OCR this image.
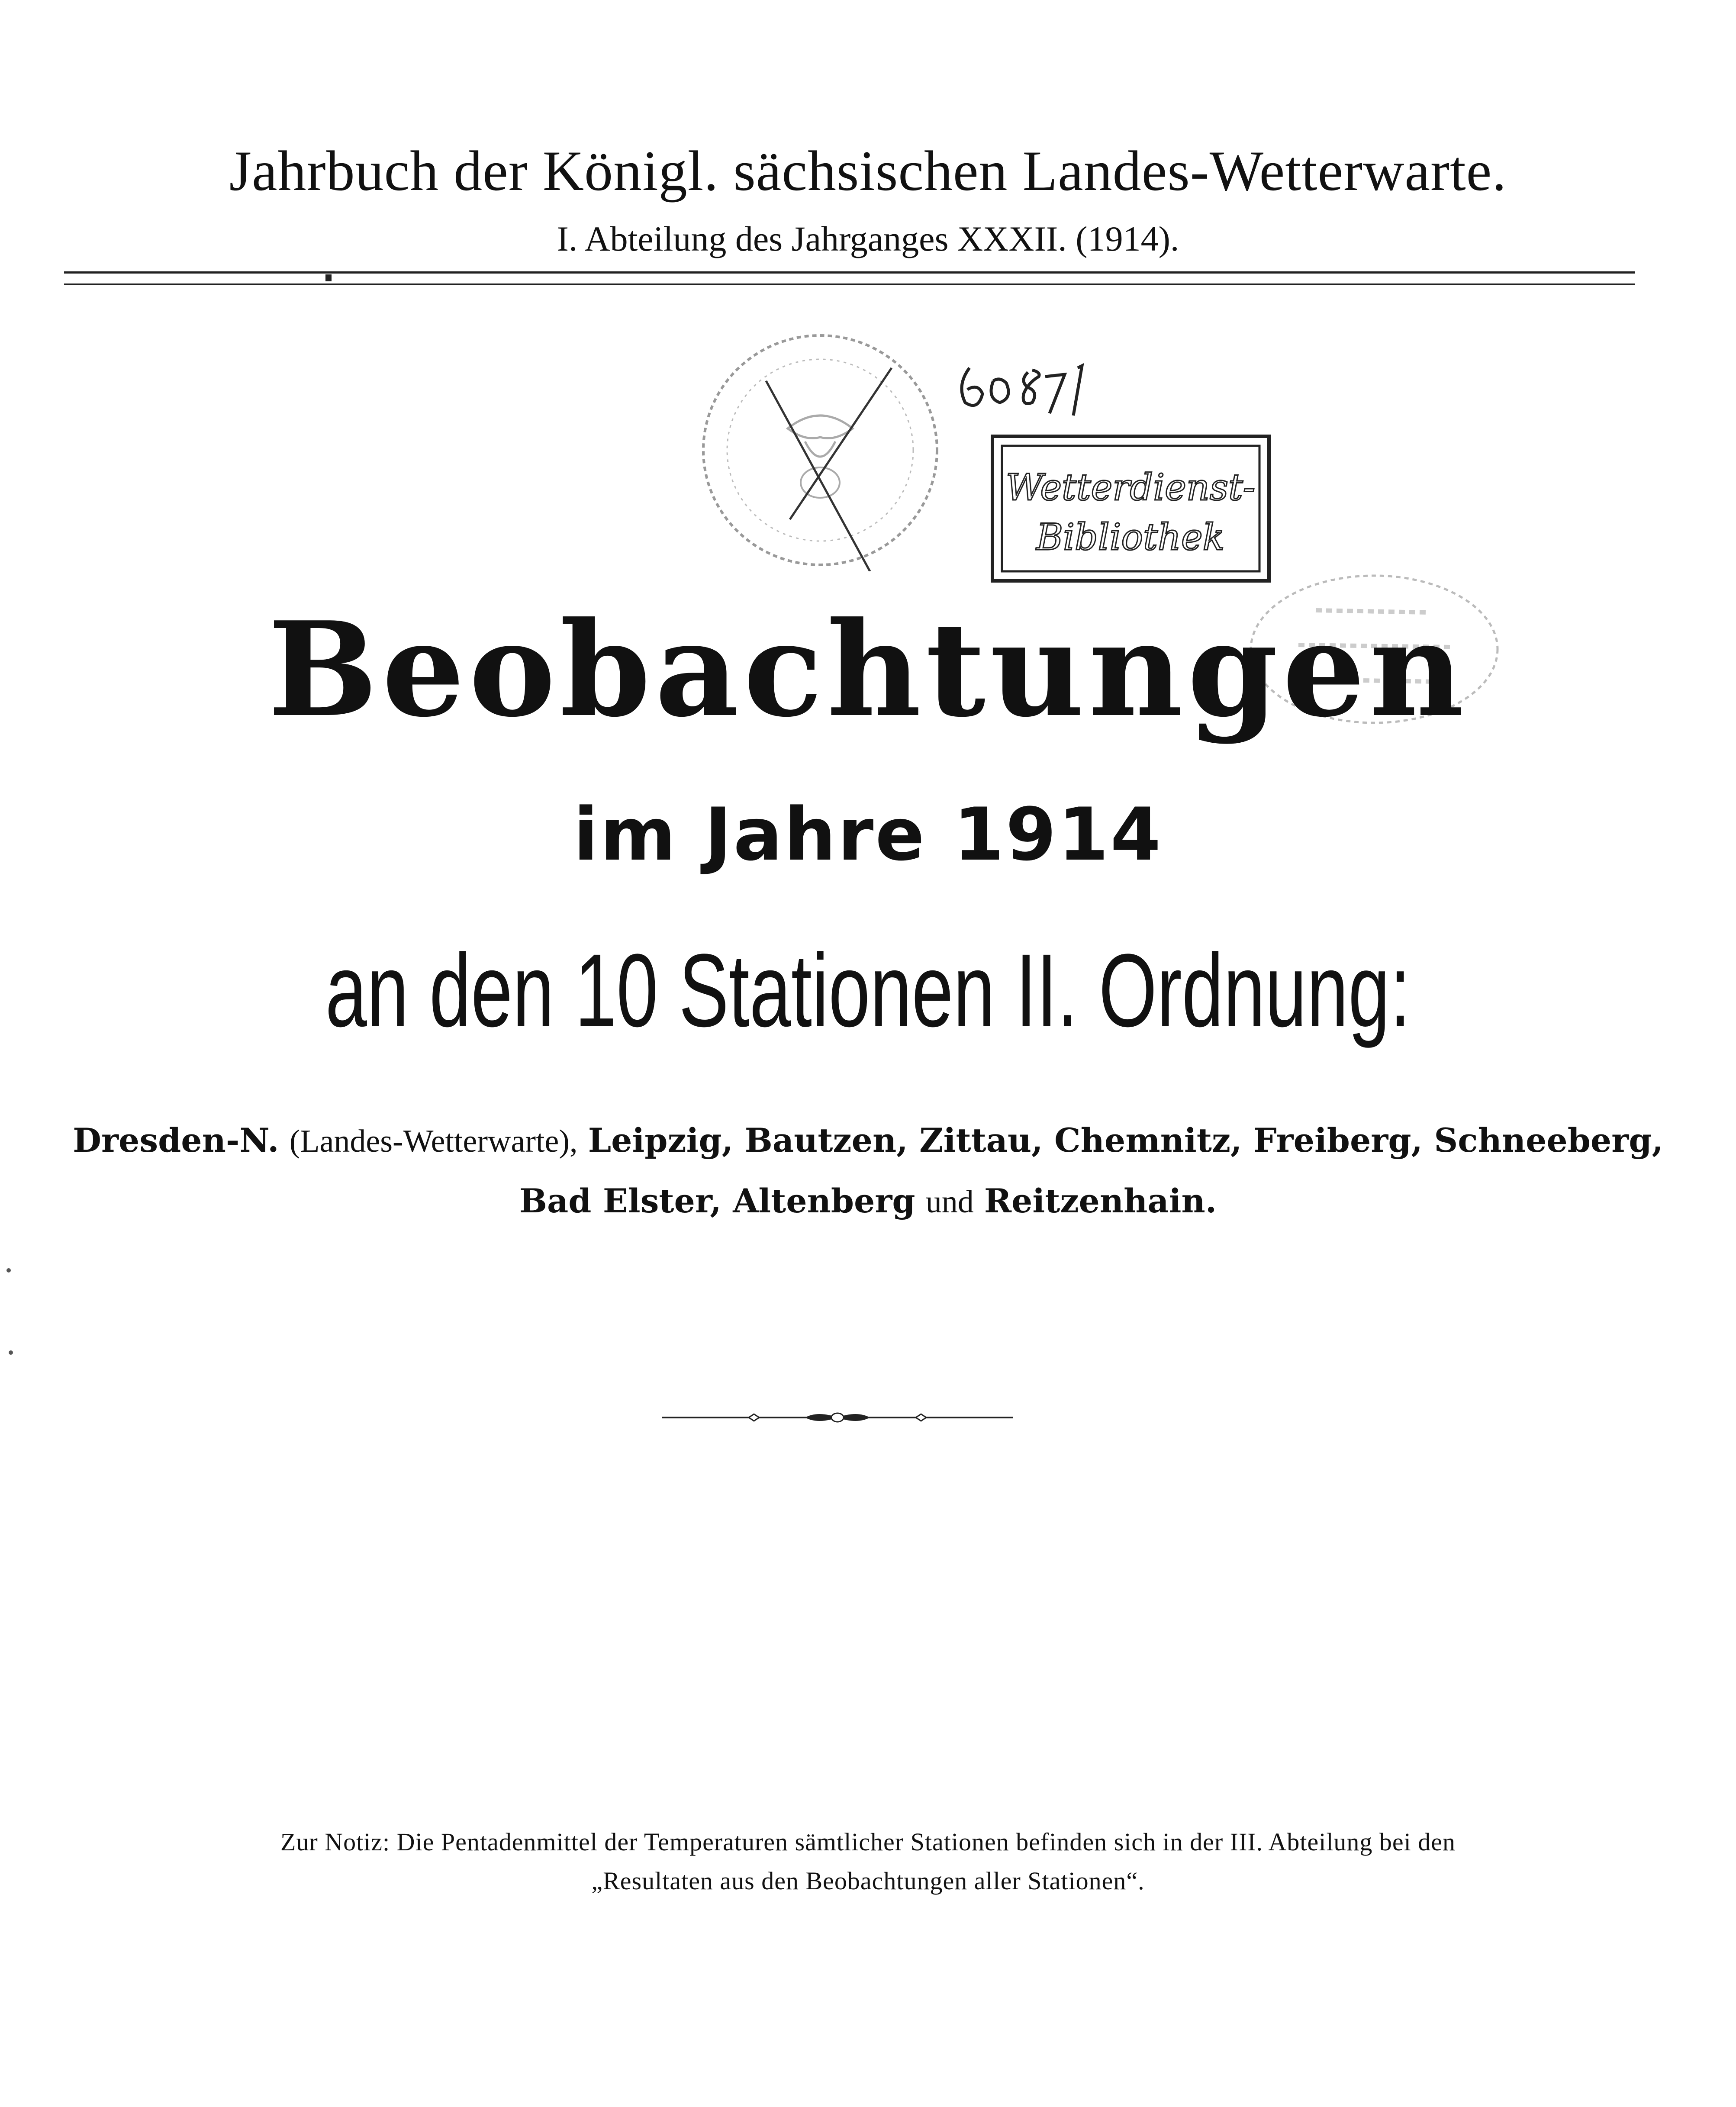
Jahrbuch der Königl. sächsischen Landes-Wetterwarte.
I. Abteilung des Jahrganges XXXII. (1914).
Wetterdienst-
Bibliothek
Beobachtungen
im Jahre 1914
an den 10 Stationen II. Ordnung:
Dresden-N. (Landes-Wetterwarte), Leipzig, Bautzen, Zittau, Chemnitz, Freiberg, Schneeberg,
Bad Elster, Altenberg und Reitzenhain.
Zur Notiz: Die Pentadenmittel der Temperaturen sämtlicher Stationen befinden sich in der III. Abteilung bei den
„Resultaten aus den Beobachtungen aller Stationen“.
